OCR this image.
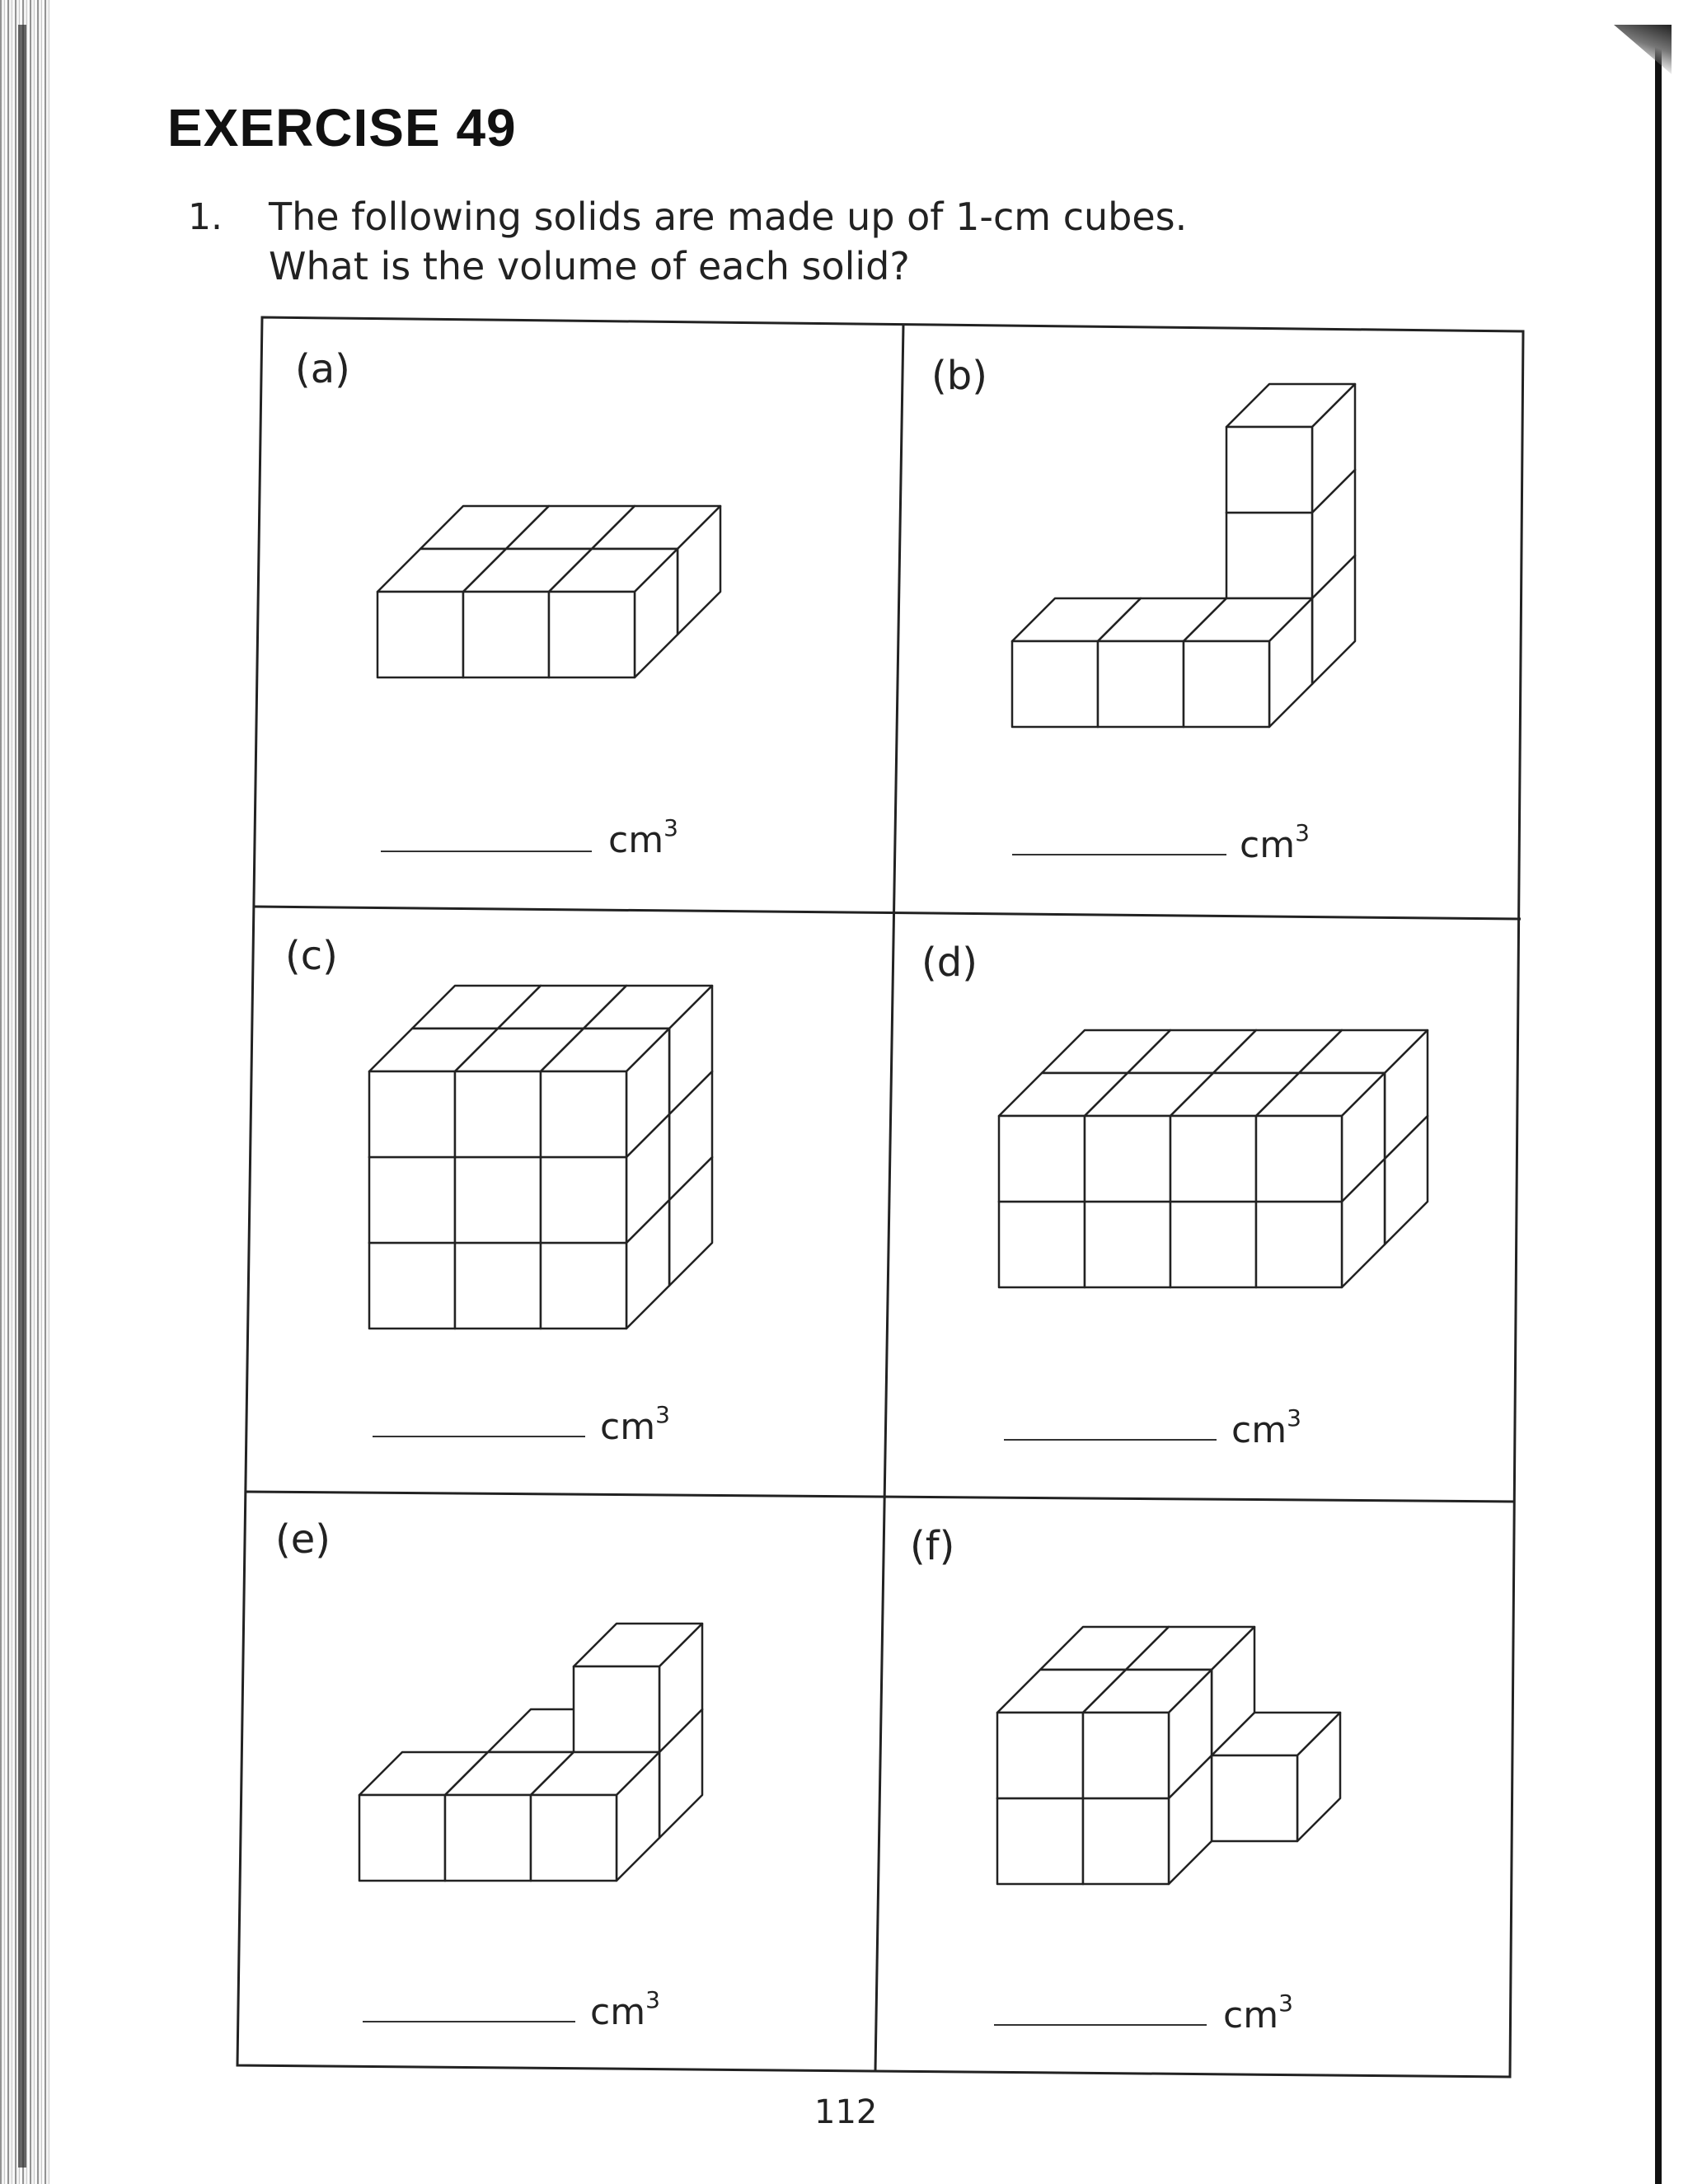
EXERCISE 49
1. The following solids are made up of 1-cm cubes.
What is the volume of each solid?
(a)	(b)
(c)	(d)
(e)	(f)
$cm^3$	$cm^3$
$cm^3$	$cm^3$
$cm^3$	$cm^3$
112
